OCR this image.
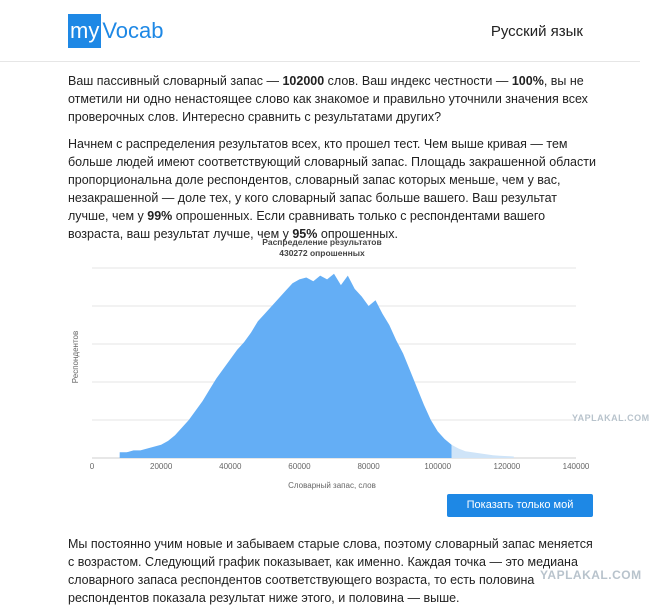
my Vocab	Русский язык

Ваш пассивный словарный запас — 102000 слов. Ваш индекс честности — 100%, вы не отметили ни одно ненастоящее слово как знакомое и правильно уточнили значения всех проверочных слов. Интересно сравнить с результатами других?

Начнем с распределения результатов всех, кто прошел тест. Чем выше кривая — тем больше людей имеют соответствующий словарный запас. Площадь закрашенной области пропорциональна доле респондентов, словарный запас которых меньше, чем у вас, незакрашенной — доле тех, у кого словарный запас больше вашего. Ваш результат лучше, чем у 99% опрошенных. Если сравнивать только с респондентами вашего возраста, ваш результат лучше, чем у 95% опрошенных.

Распределение результатов
430272 опрошенных
0	20000	40000	60000	80000	100000	120000	140000
Словарный запас, слов
Респондентов
Показать только мой возраст

Мы постоянно учим новые и забываем старые слова, поэтому словарный запас меняется с возрастом. Следующий график показывает, как именно. Каждая точка — это медиана словарного запаса респондентов соответствующего возраста, то есть половина респондентов показала результат ниже этого, и половина — выше.

YAPLAKAL.COM
YAPLAKAL.COM
